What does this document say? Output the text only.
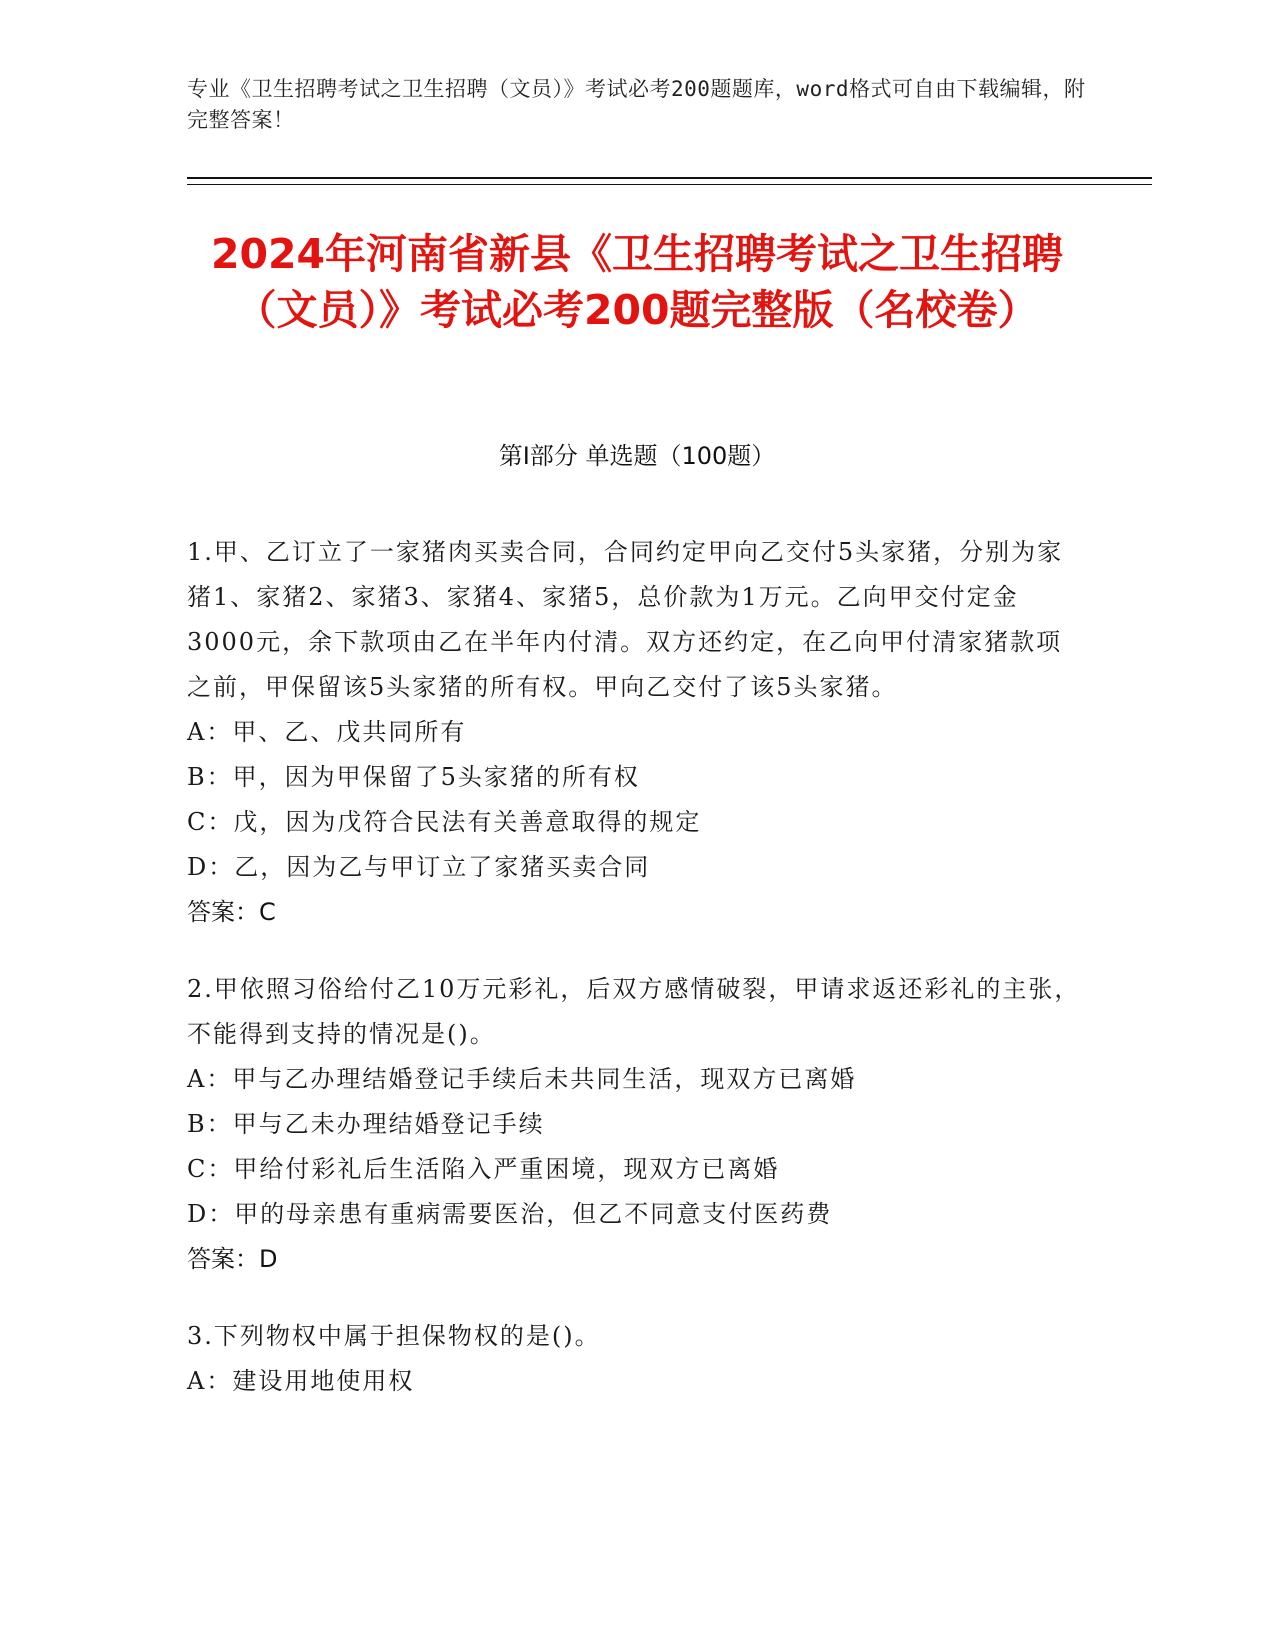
专业《卫生招聘考试之卫生招聘（文员）》考试必考200题题库，word格式可自由下载编辑，附完整答案！
2024年河南省新县《卫生招聘考试之卫生招聘（文员）》考试必考200题完整版（名校卷）
第Ⅰ部分 单选题（100题）

1.甲、乙订立了一家猪肉买卖合同，合同约定甲向乙交付5头家猪，分别为家猪1、家猪2、家猪3、家猪4、家猪5，总价款为1万元。乙向甲交付定金3000元，余下款项由乙在半年内付清。双方还约定，在乙向甲付清家猪款项之前，甲保留该5头家猪的所有权。甲向乙交付了该5头家猪。

A：甲、乙、戊共同所有

B：甲，因为甲保留了5头家猪的所有权

C：戊，因为戊符合民法有关善意取得的规定

D：乙，因为乙与甲订立了家猪买卖合同

答案：C

2.甲依照习俗给付乙10万元彩礼，后双方感情破裂，甲请求返还彩礼的主张，不能得到支持的情况是()。

A：甲与乙办理结婚登记手续后未共同生活，现双方已离婚

B：甲与乙未办理结婚登记手续

C：甲给付彩礼后生活陷入严重困境，现双方已离婚

D：甲的母亲患有重病需要医治，但乙不同意支付医药费

答案：D

3.下列物权中属于担保物权的是()。

A：建设用地使用权
